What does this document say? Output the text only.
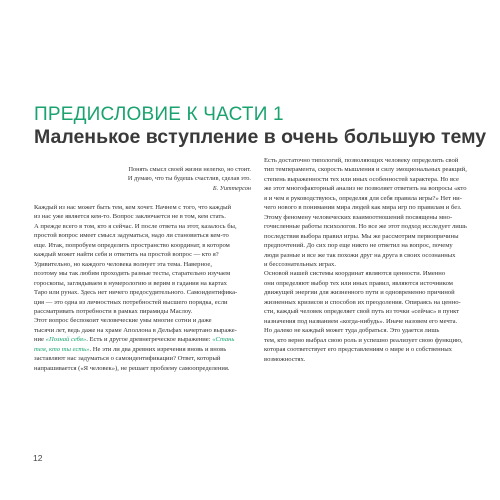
ПРЕДИСЛОВИЕ К ЧАСТИ 1
Маленькое вступление в очень большую тему
Понять смысл своей жизни нелегко, но стоит.
И думаю, что ты будешь счастлив, сделав это.
Б. Уиттерсон
Каждый из нас может быть тем, кем хочет. Начнем с того, что каждый
из нас уже является кем-то. Вопрос заключается не в том, кем стать.
А прежде всего в том, кто я сейчас. И после ответа на этот, казалось бы,
простой вопрос имеет смысл задуматься, надо ли становиться кем-то
еще. Итак, попробуем определить пространство координат, в котором
каждый может найти себя и ответить на простой вопрос — кто я?
Удивительно, но каждого человека волнует эта тема. Наверное,
поэтому мы так любим проходить разные тесты, старательно изучаем
гороскопы, заглядываем в нумерологию и верим в гадания на картах
Таро или рунах. Здесь нет ничего предосудительного. Самоидентифика-
ция — это одна из личностных потребностей высшего порядка, если
рассматривать потребности в рамках пирамиды Маслоу.
Этот вопрос беспокоит человеческие умы многие сотни и даже
тысячи лет, ведь даже на храме Аполлона в Дельфах начертано выраже-
ние «Познай себя». Есть и другое древнегреческое выражение: «Стань
тем, кто ты есть». Не эти ли два древних изречения вновь и вновь
заставляют нас задуматься о самоидентификации? Ответ, который
напрашивается («Я человек»), не решает проблему самоопределения.
Есть достаточно типологий, позволяющих человеку определить свой
тип темперамента, скорость мышления и силу эмоциональных реакций,
степень выраженности тех или иных особенностей характера. Но все
же этот многофакторный анализ не позволяет ответить на вопросы «кто
я и чем я руководствуюсь, определяя для себя правила игры?» Нет ни-
чего нового в понимании мира людей как мира игр по правилам и без.
Этому феномену человеческих взаимоотношений посвящены мно-
гочисленные работы психологов. Но все же этот подход исследует лишь
последствия выбора правил игры. Мы же рассмотрим первопричины
предпочтений. До сих пор еще никто не ответил на вопрос, почему
люди разные и все же так похожи друг на друга в своих осознанных
и бессознательных играх.
Основой нашей системы координат являются ценности. Именно
они определяют выбор тех или иных правил, являются источником
движущей энергии для жизненного пути и одновременно причиной
жизненных кризисов и способов их преодоления. Опираясь на ценно-
сти, каждый человек определяет свой путь из точки «сейчас» в пункт
назначения под названием «когда-нибудь». Иначе назовем его мечта.
Но далеко не каждый может туда добраться. Это удается лишь
тем, кто верно выбрал свою роль и успешно реализует свою функцию,
которая соответствует его представлениям о мире и о собственных
возможностях.
12
